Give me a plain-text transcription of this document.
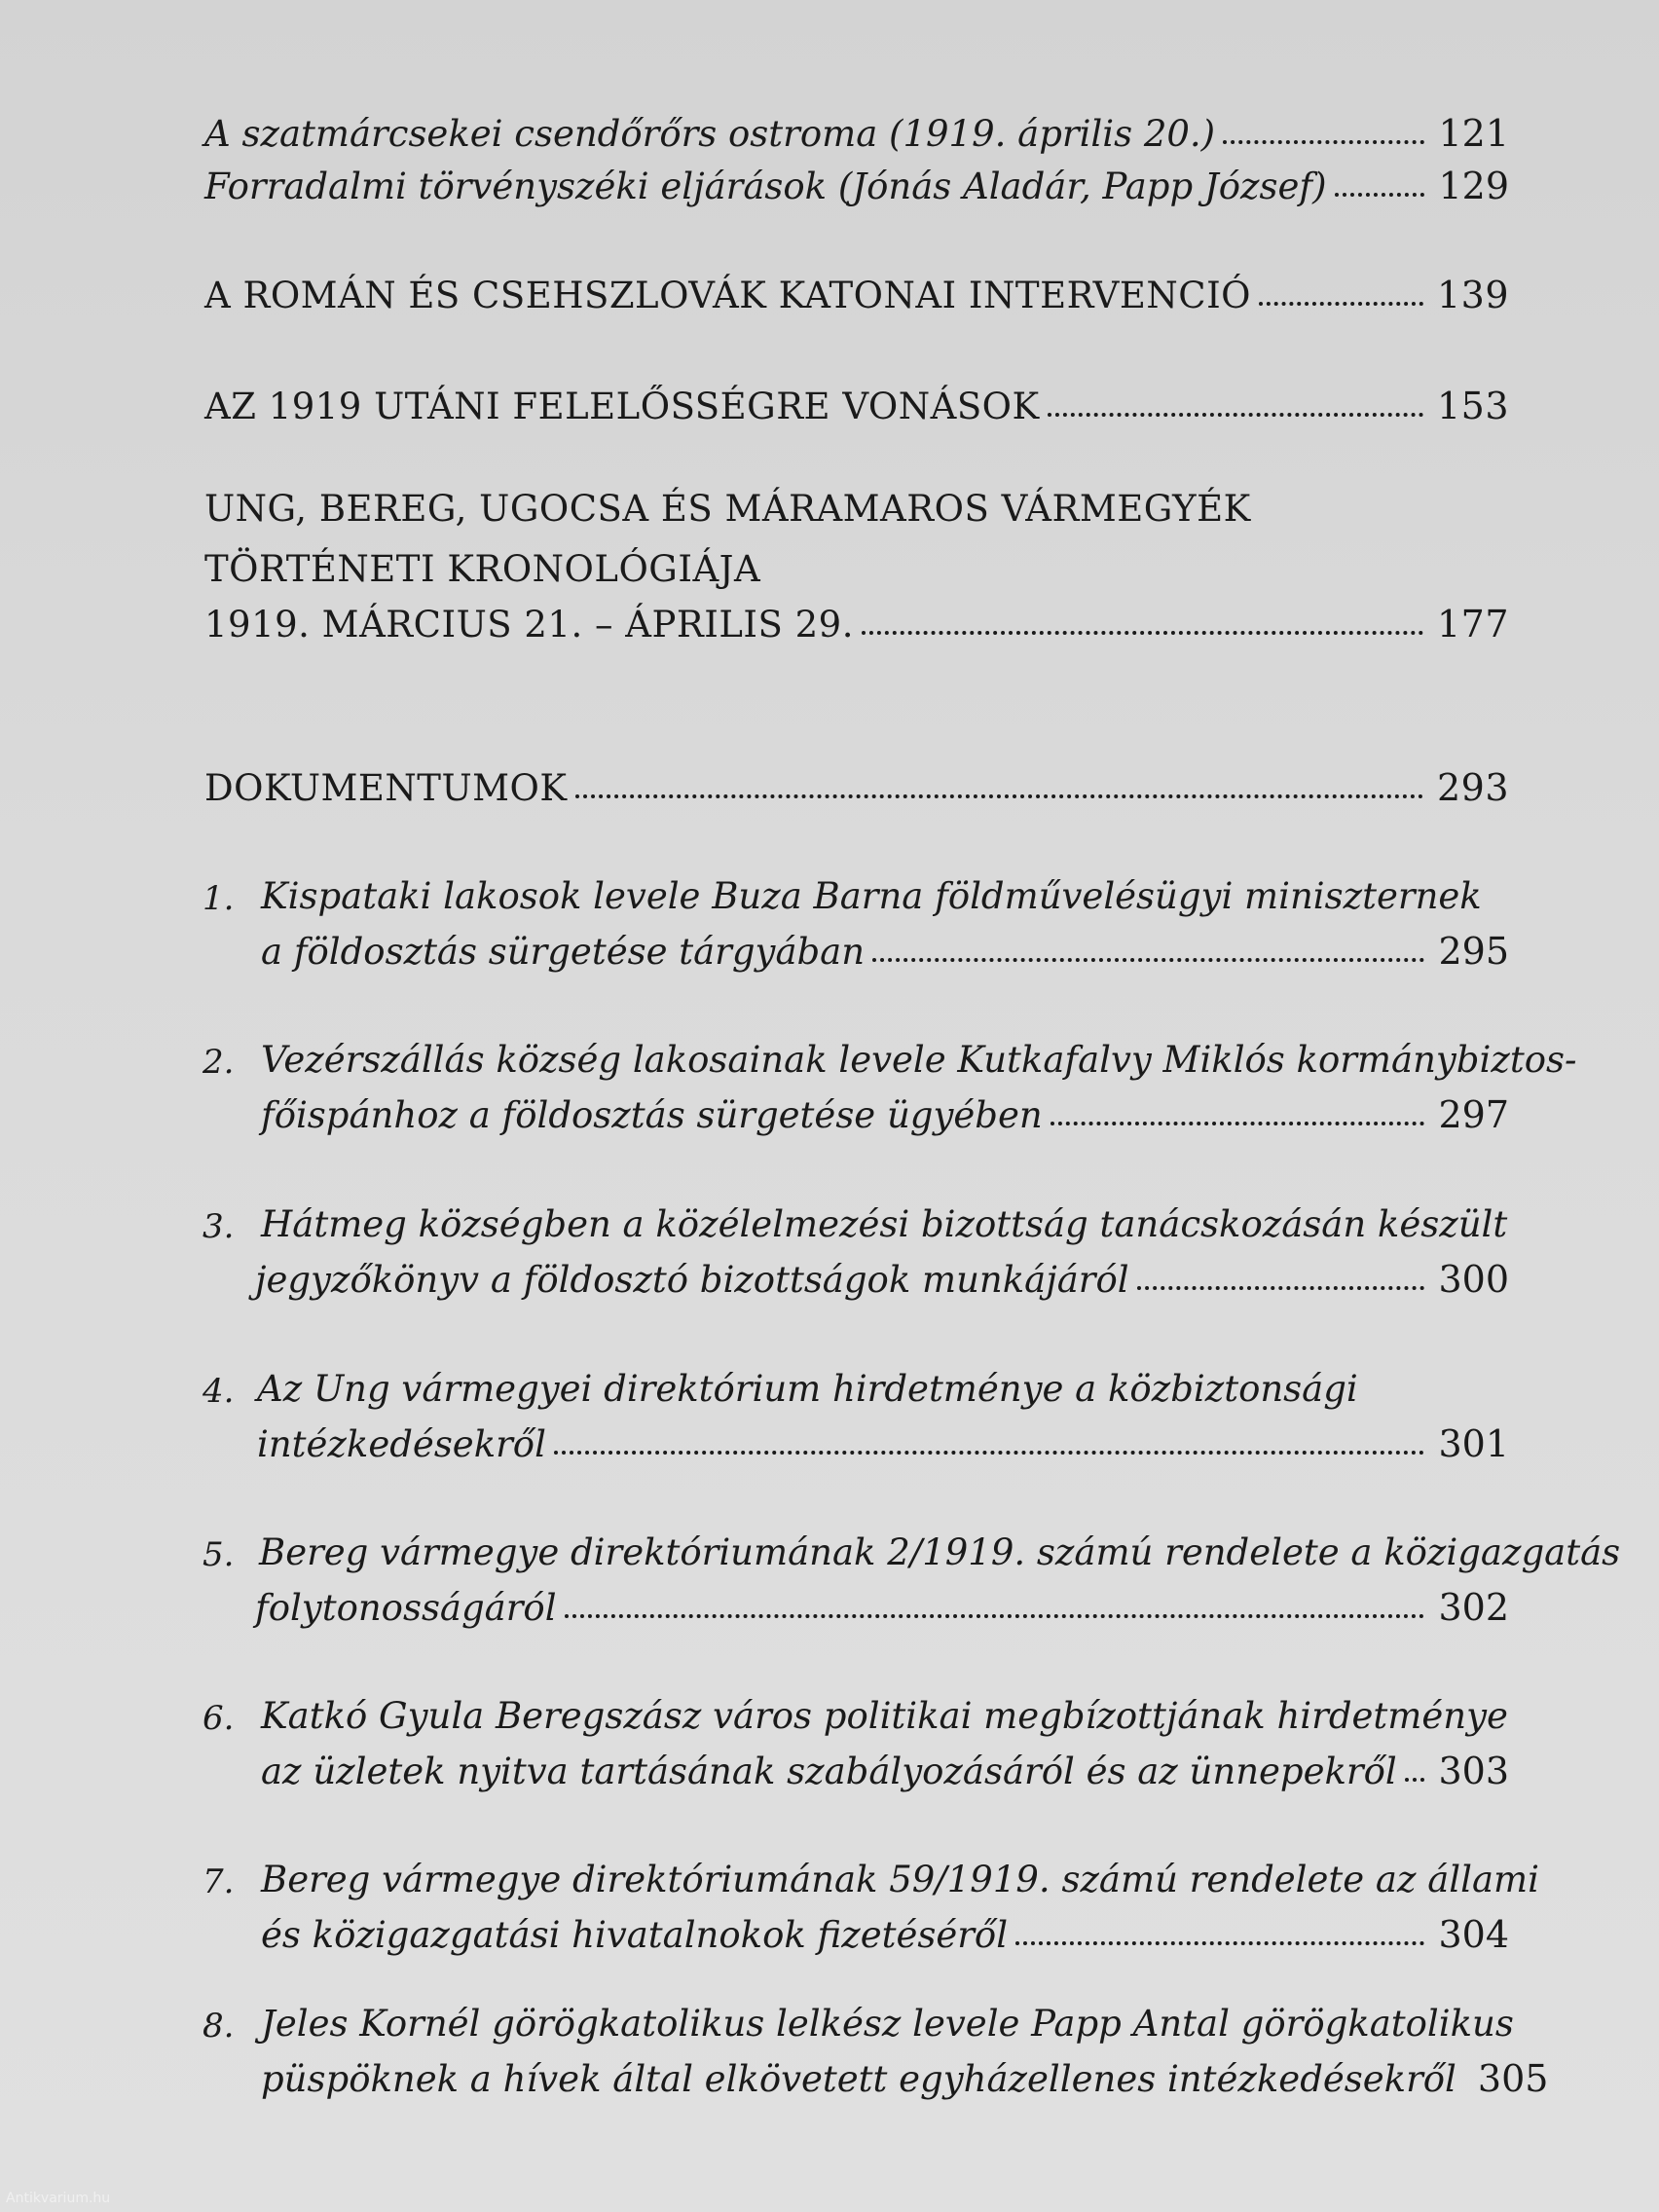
A szatmárcsekei csendőrőrs ostroma (1919. április 20.)	121
Forradalmi törvényszéki eljárások (Jónás Aladár, Papp József)	129
A ROMÁN ÉS CSEHSZLOVÁK KATONAI INTERVENCIÓ	139
AZ 1919 UTÁNI FELELŐSSÉGRE VONÁSOK	153
UNG, BEREG, UGOCSA ÉS MÁRAMAROS VÁRMEGYÉK
TÖRTÉNETI KRONOLÓGIÁJA
1919. MÁRCIUS 21. – ÁPRILIS 29.	177
DOKUMENTUMOK	293
1. Kispataki lakosok levele Buza Barna földművelésügyi miniszternek
a földosztás sürgetése tárgyában	295
2. Vezérszállás község lakosainak levele Kutkafalvy Miklós kormánybiztos-
főispánhoz a földosztás sürgetése ügyében	297
3. Hátmeg községben a közélelmezési bizottság tanácskozásán készült
jegyzőkönyv a földosztó bizottságok munkájáról	300
4. Az Ung vármegyei direktórium hirdetménye a közbiztonsági
intézkedésekről	301
5. Bereg vármegye direktóriumának 2/1919. számú rendelete a közigazgatás
folytonosságáról	302
6. Katkó Gyula Beregszász város politikai megbízottjának hirdetménye
az üzletek nyitva tartásának szabályozásáról és az ünnepekről 303
7. Bereg vármegye direktóriumának 59/1919. számú rendelete az állami
és közigazgatási hivatalnokok fizetéséről	304
8. Jeles Kornél görögkatolikus lelkész levele Papp Antal görögkatolikus
püspöknek a hívek által elkövetett egyházellenes intézkedésekről 305
Antikvarium.hu
